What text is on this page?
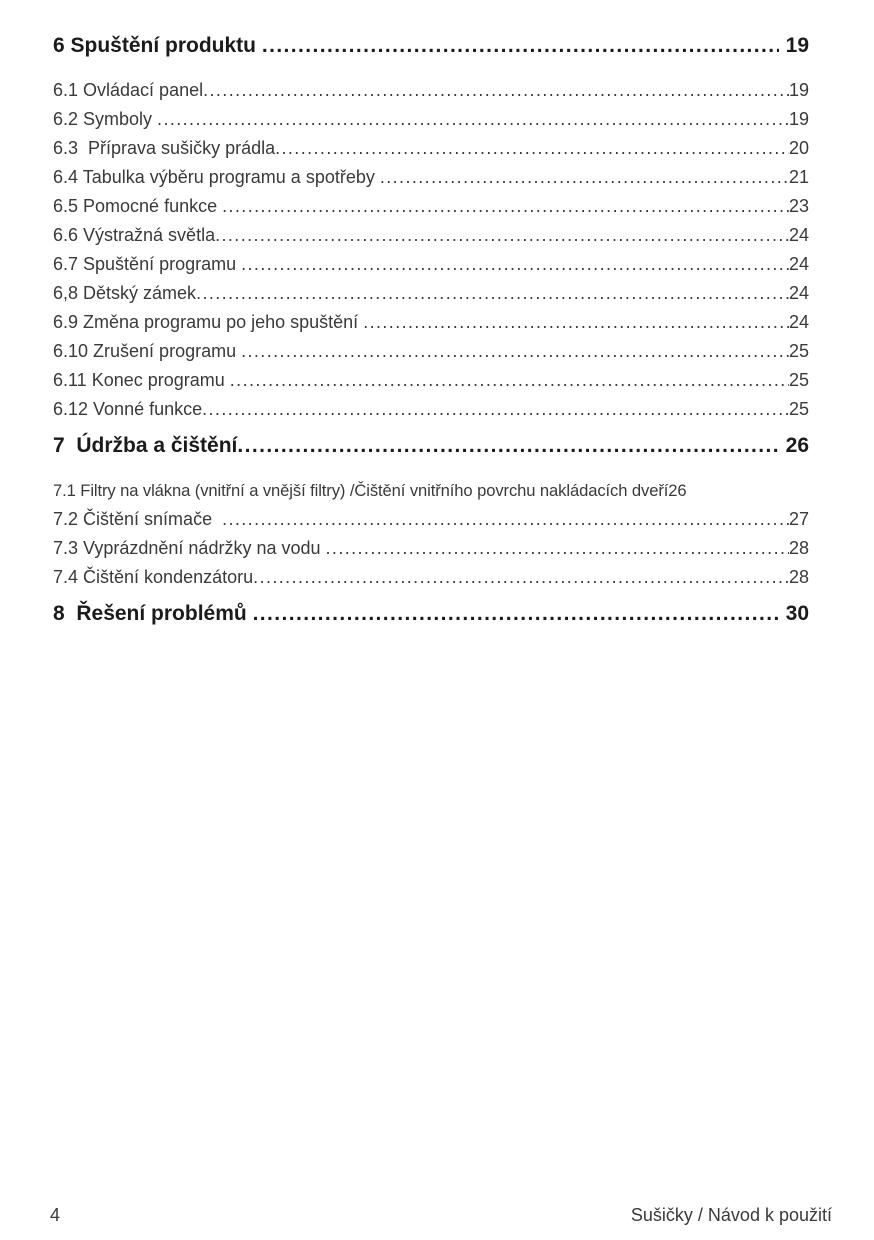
6 Spuštění produktu .....	19
6.1 Ovládací panel .....	19
6.2 Symboly .....	19
6.3  Příprava sušičky prádla .....	20
6.4 Tabulka výběru programu a spotřeby .....	21
6.5 Pomocné funkce .....	23
6.6 Výstražná světla .....	24
6.7 Spuštění programu .....	24
6,8 Dětský zámek .....	24
6.9 Změna programu po jeho spuštění .....	24
6.10 Zrušení programu .....	25
6.11 Konec programu .....	25
6.12 Vonné funkce .....	25
7  Údržba a čištění .....	26
7.1 Filtry na vlákna (vnitřní a vnější filtry) /Čištění vnitřního povrchu nakládacích dveří 26
7.2 Čištění snímače .....	27
7.3 Vyprázdnění nádržky na vodu .....	28
7.4 Čištění kondenzátoru .....	28
8  Řešení problémů .....	30
4	Sušičky / Návod k použití
